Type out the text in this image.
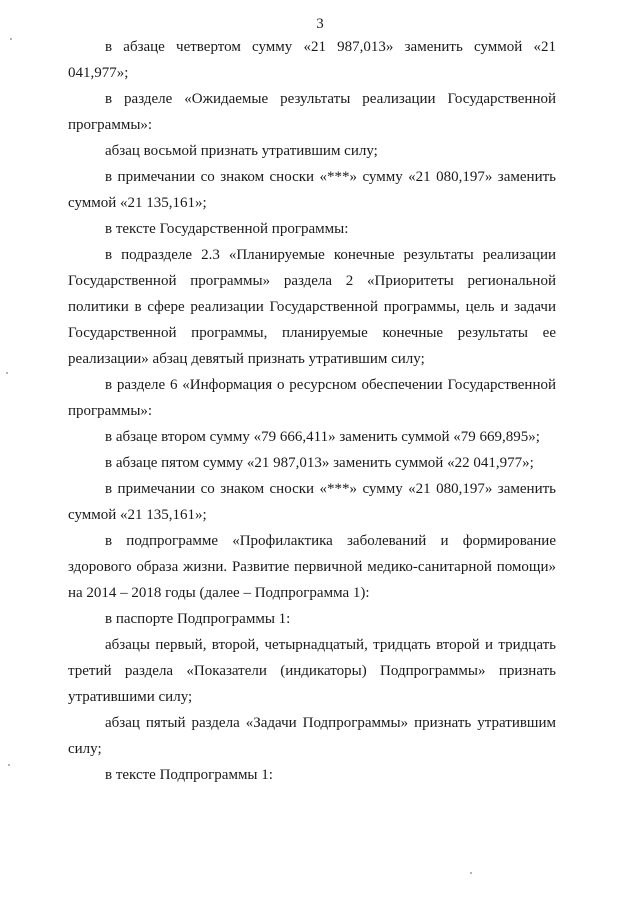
3

в абзаце четвертом сумму «21 987,013» заменить суммой «21 041,977»;

в разделе «Ожидаемые результаты реализации Государственной программы»:

абзац восьмой признать утратившим силу;

в примечании со знаком сноски «***» сумму «21 080,197» заменить суммой «21 135,161»;

в тексте Государственной программы:

в подразделе 2.3 «Планируемые конечные результаты реализации Государственной программы» раздела 2 «Приоритеты региональной политики в сфере реализации Государственной программы, цель и задачи Государственной программы, планируемые конечные результаты ее реализации» абзац девятый признать утратившим силу;

в разделе 6 «Информация о ресурсном обеспечении Государственной программы»:

в абзаце втором сумму «79 666,411» заменить суммой «79 669,895»;

в абзаце пятом сумму «21 987,013» заменить суммой «22 041,977»;

в примечании со знаком сноски «***» сумму «21 080,197» заменить суммой «21 135,161»;

в подпрограмме «Профилактика заболеваний и формирование здорового образа жизни. Развитие первичной медико-санитарной помощи» на 2014 – 2018 годы (далее – Подпрограмма 1):

в паспорте Подпрограммы 1:

абзацы первый, второй, четырнадцатый, тридцать второй и тридцать третий раздела «Показатели (индикаторы) Подпрограммы» признать утратившими силу;

абзац пятый раздела «Задачи Подпрограммы» признать утратившим силу;

в тексте Подпрограммы 1:
